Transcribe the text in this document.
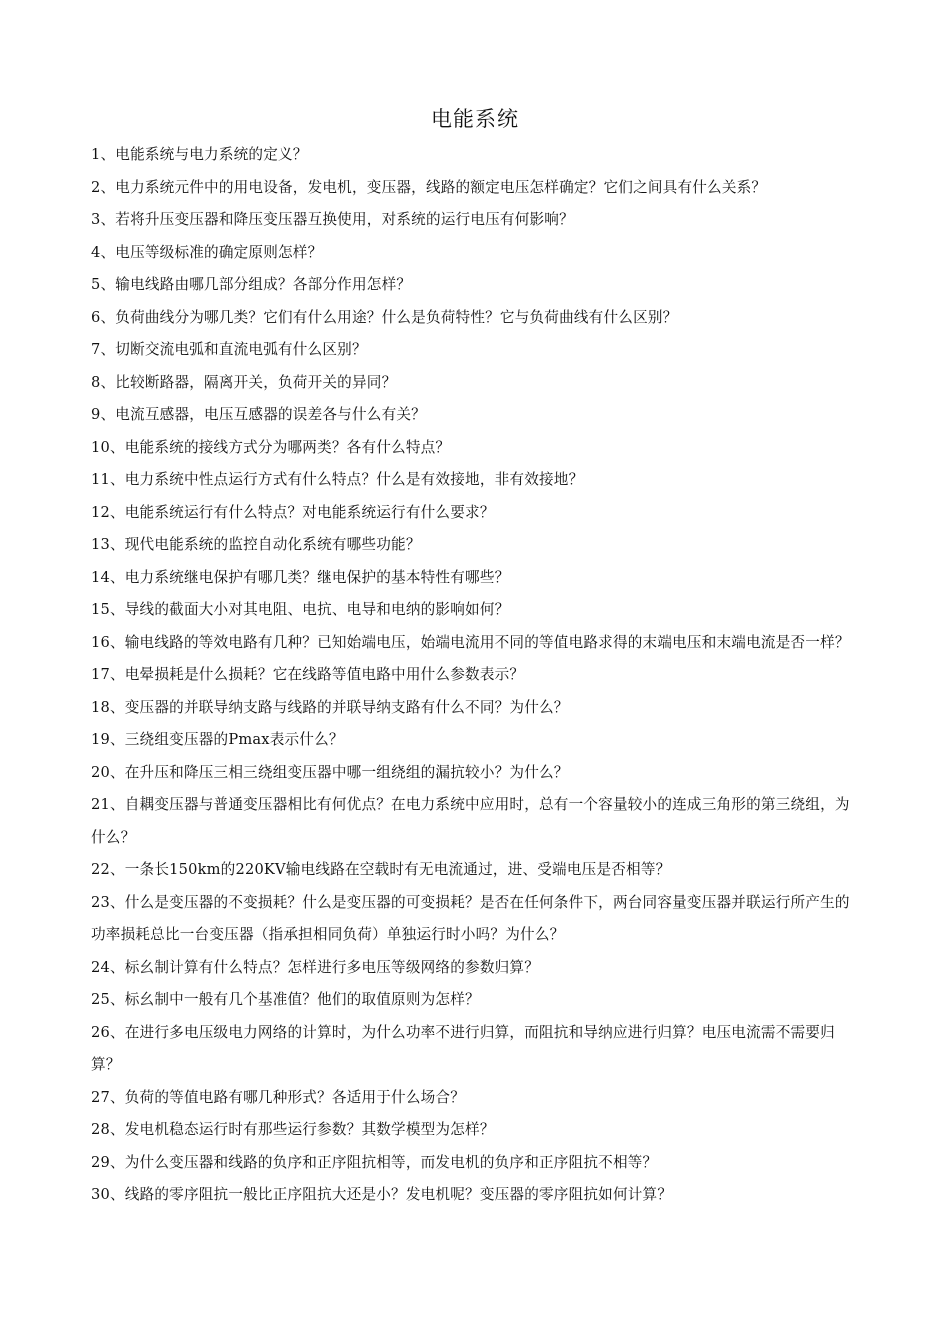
电能系统
1、电能系统与电力系统的定义？
2、电力系统元件中的用电设备，发电机，变压器，线路的额定电压怎样确定？它们之间具有什么关系？
3、若将升压变压器和降压变压器互换使用，对系统的运行电压有何影响？
4、电压等级标准的确定原则怎样？
5、输电线路由哪几部分组成？各部分作用怎样？
6、负荷曲线分为哪几类？它们有什么用途？什么是负荷特性？它与负荷曲线有什么区别？
7、切断交流电弧和直流电弧有什么区别？
8、比较断路器，隔离开关，负荷开关的异同？
9、电流互感器，电压互感器的误差各与什么有关？
10、电能系统的接线方式分为哪两类？各有什么特点？
11、电力系统中性点运行方式有什么特点？什么是有效接地，非有效接地？
12、电能系统运行有什么特点？对电能系统运行有什么要求？
13、现代电能系统的监控自动化系统有哪些功能？
14、电力系统继电保护有哪几类？继电保护的基本特性有哪些？
15、导线的截面大小对其电阻、电抗、电导和电纳的影响如何？
16、输电线路的等效电路有几种？已知始端电压，始端电流用不同的等值电路求得的末端电压和末端电流是否一样？
17、电晕损耗是什么损耗？它在线路等值电路中用什么参数表示？
18、变压器的并联导纳支路与线路的并联导纳支路有什么不同？为什么？
19、三绕组变压器的Pmax表示什么？
20、在升压和降压三相三绕组变压器中哪一组绕组的漏抗较小？为什么？
21、自耦变压器与普通变压器相比有何优点？在电力系统中应用时，总有一个容量较小的连成三角形的第三绕组，为什么？
22、一条长150km的220KV输电线路在空载时有无电流通过，进、受端电压是否相等？
23、什么是变压器的不变损耗？什么是变压器的可变损耗？是否在任何条件下，两台同容量变压器并联运行所产生的功率损耗总比一台变压器（指承担相同负荷）单独运行时小吗？为什么？
24、标幺制计算有什么特点？怎样进行多电压等级网络的参数归算？
25、标幺制中一般有几个基准值？他们的取值原则为怎样？
26、在进行多电压级电力网络的计算时，为什么功率不进行归算，而阻抗和导纳应进行归算？电压电流需不需要归算？
27、负荷的等值电路有哪几种形式？各适用于什么场合？
28、发电机稳态运行时有那些运行参数？其数学模型为怎样？
29、为什么变压器和线路的负序和正序阻抗相等，而发电机的负序和正序阻抗不相等？
30、线路的零序阻抗一般比正序阻抗大还是小？发电机呢？变压器的零序阻抗如何计算？
